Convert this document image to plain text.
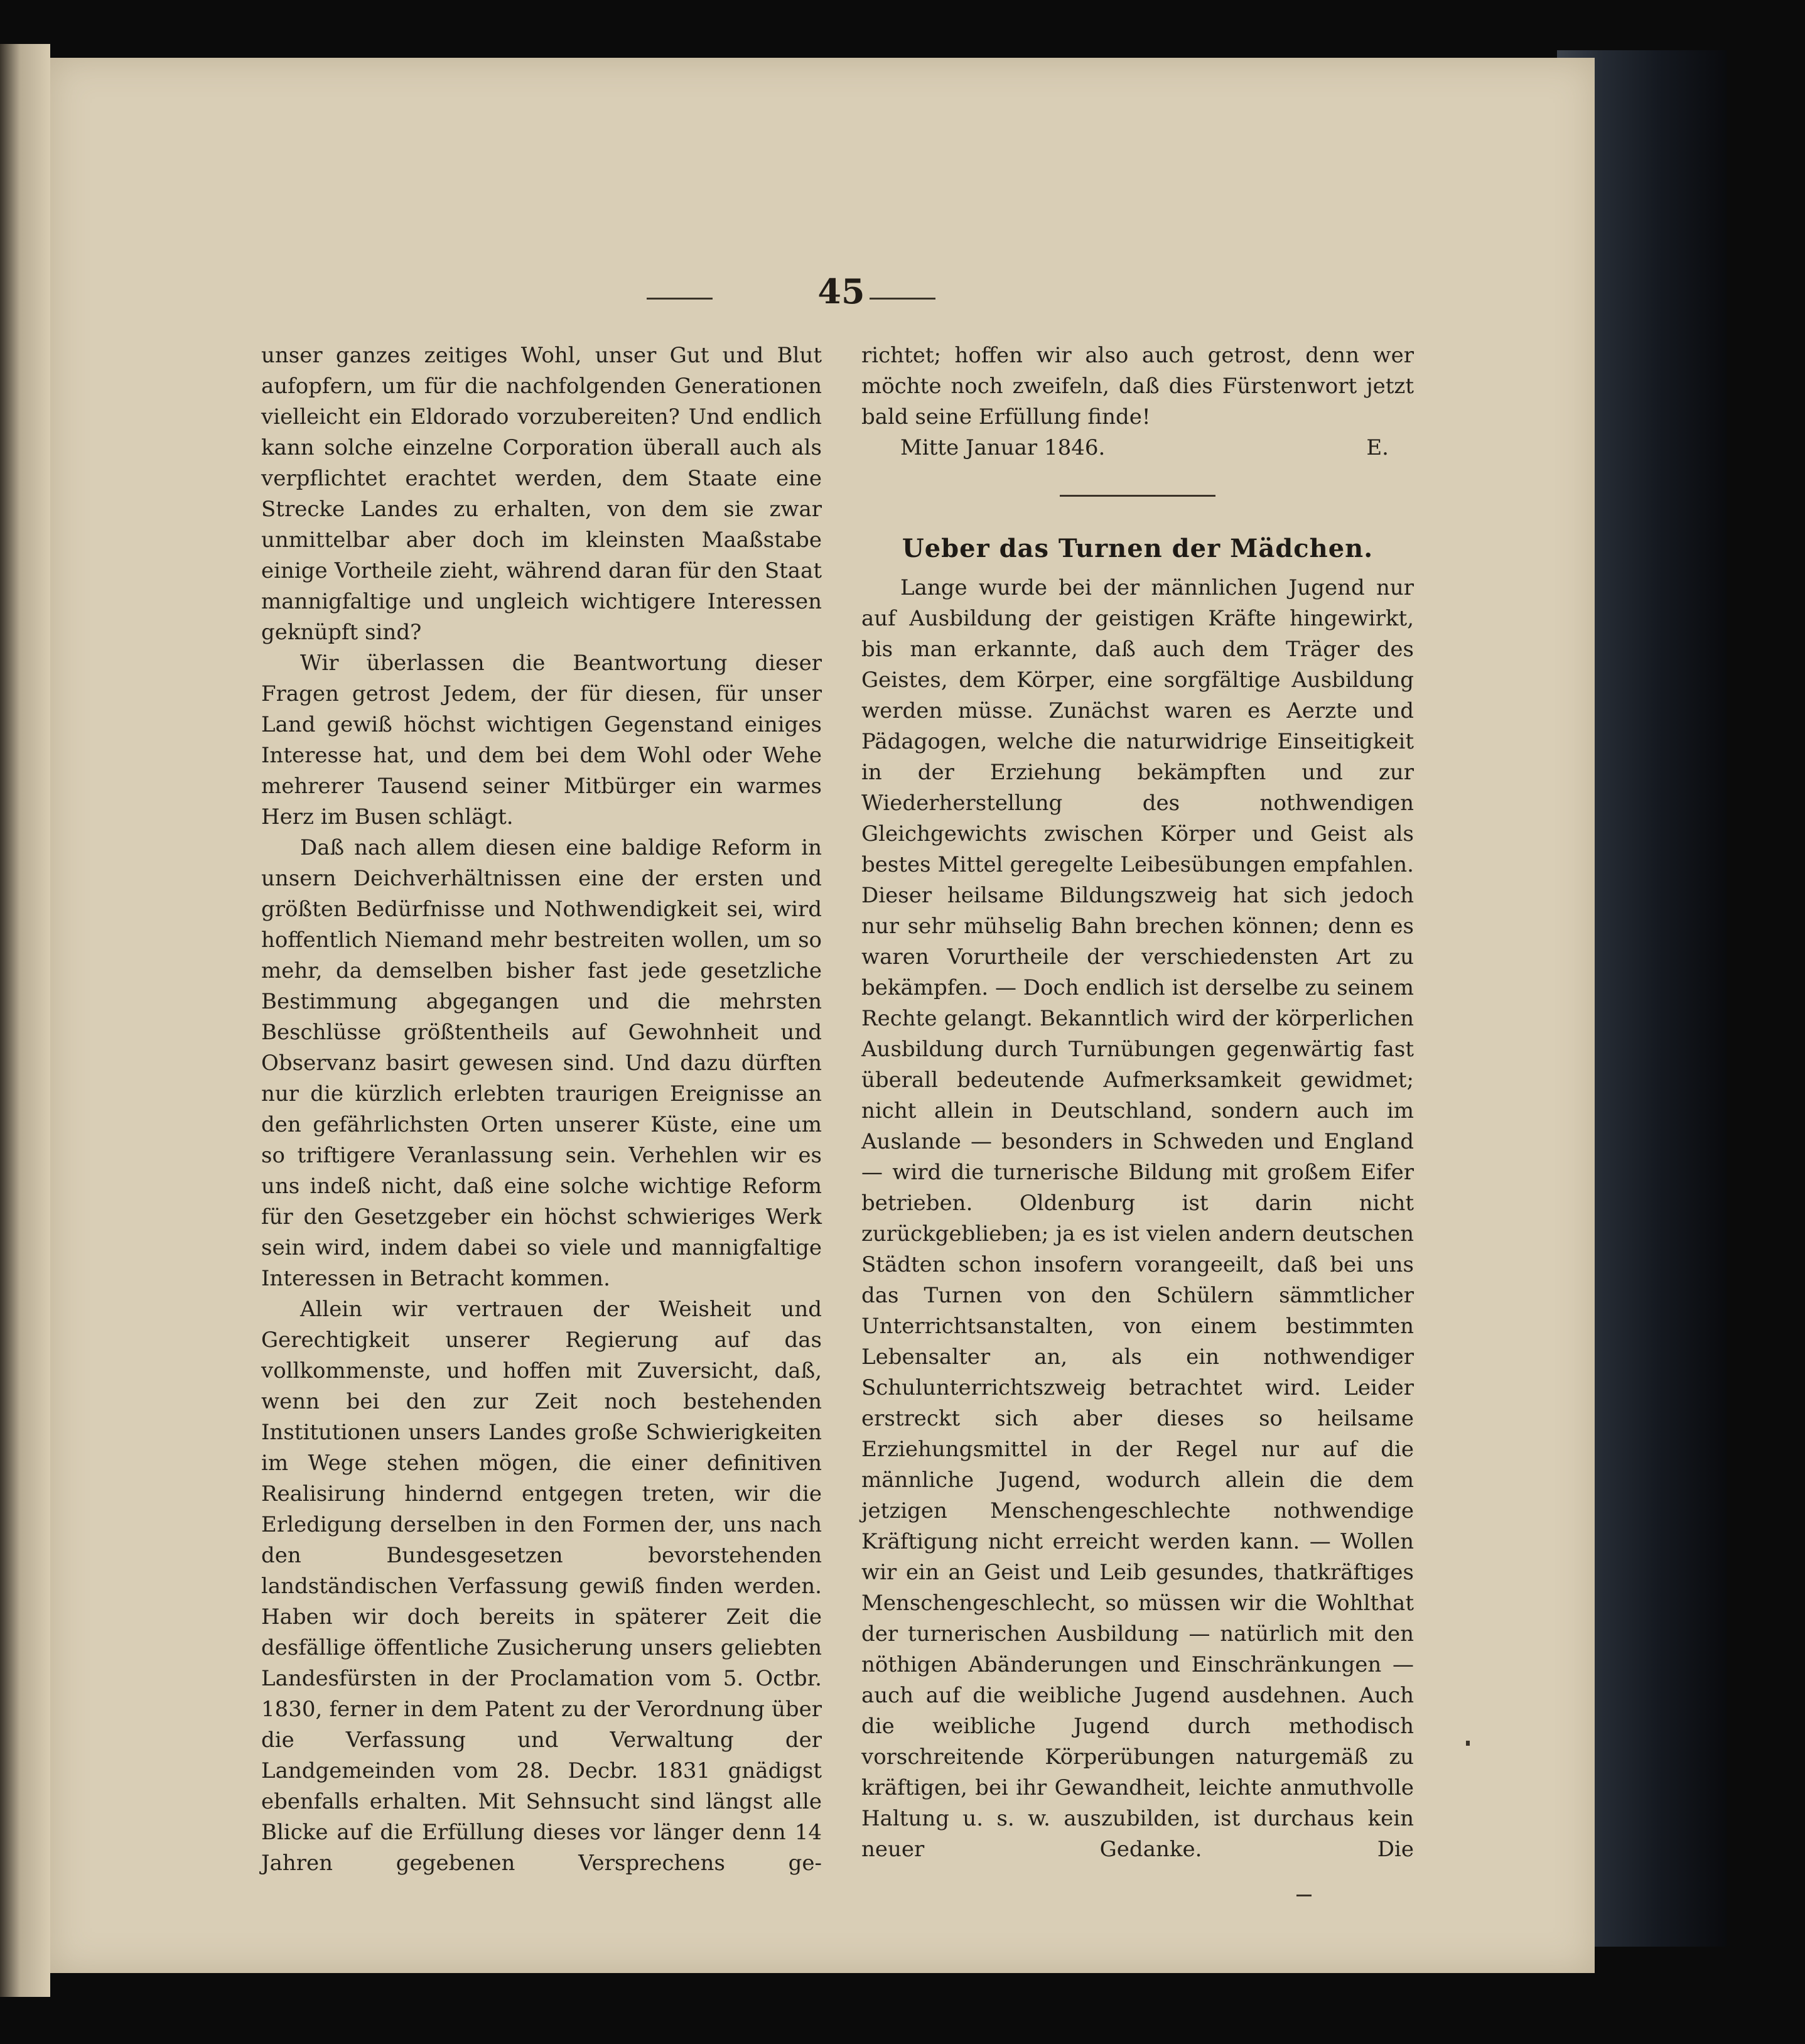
45

unser ganzes zeitiges Wohl, unser Gut und Blut aufopfern, um für die nachfolgenden Generationen vielleicht ein Eldorado vorzubereiten? Und endlich kann solche einzelne Corporation überall auch als verpflichtet erachtet werden, dem Staate eine Strecke Landes zu erhalten, von dem sie zwar unmittelbar aber doch im kleinsten Maaßstabe einige Vortheile zieht, während daran für den Staat mannigfaltige und ungleich wichtigere Interessen geknüpft sind?

Wir überlassen die Beantwortung dieser Fragen getrost Jedem, der für diesen, für unser Land gewiß höchst wichtigen Gegenstand einiges Interesse hat, und dem bei dem Wohl oder Wehe mehrerer Tausend seiner Mitbürger ein warmes Herz im Busen schlägt.

Daß nach allem diesen eine baldige Reform in unsern Deichverhältnissen eine der ersten und größten Bedürfnisse und Nothwendigkeit sei, wird hoffentlich Niemand mehr bestreiten wollen, um so mehr, da demselben bisher fast jede gesetzliche Bestimmung abgegangen und die mehrsten Beschlüsse größtentheils auf Gewohnheit und Observanz basirt gewesen sind. Und dazu dürften nur die kürzlich erlebten traurigen Ereignisse an den gefährlichsten Orten unserer Küste, eine um so triftigere Veranlassung sein. Verhehlen wir es uns indeß nicht, daß eine solche wichtige Reform für den Gesetzgeber ein höchst schwieriges Werk sein wird, indem dabei so viele und mannigfaltige Interessen in Betracht kommen.

Allein wir vertrauen der Weisheit und Gerechtigkeit unserer Regierung auf das vollkommenste, und hoffen mit Zuversicht, daß, wenn bei den zur Zeit noch bestehenden Institutionen unsers Landes große Schwierigkeiten im Wege stehen mögen, die einer definitiven Realisirung hindernd entgegen treten, wir die Erledigung derselben in den Formen der, uns nach den Bundesgesetzen bevorstehenden landständischen Verfassung gewiß finden werden. Haben wir doch bereits in späterer Zeit die desfällige öffentliche Zusicherung unsers geliebten Landesfürsten in der Proclamation vom 5. Octbr. 1830, ferner in dem Patent zu der Verordnung über die Verfassung und Verwaltung der Landgemeinden vom 28. Decbr. 1831 gnädigst ebenfalls erhalten. Mit Sehnsucht sind längst alle Blicke auf die Erfüllung dieses vor länger denn 14 Jahren gegebenen Versprechens ge-

richtet; hoffen wir also auch getrost, denn wer möchte noch zweifeln, daß dies Fürstenwort jetzt bald seine Erfüllung finde!

Mitte Januar 1846.	E.
Ueber das Turnen der Mädchen.

Lange wurde bei der männlichen Jugend nur auf Ausbildung der geistigen Kräfte hingewirkt, bis man erkannte, daß auch dem Träger des Geistes, dem Körper, eine sorgfältige Ausbildung werden müsse. Zunächst waren es Aerzte und Pädagogen, welche die naturwidrige Einseitigkeit in der Erziehung bekämpften und zur Wiederherstellung des nothwendigen Gleichgewichts zwischen Körper und Geist als bestes Mittel geregelte Leibesübungen empfahlen. Dieser heilsame Bildungszweig hat sich jedoch nur sehr mühselig Bahn brechen können; denn es waren Vorurtheile der verschiedensten Art zu bekämpfen. — Doch endlich ist derselbe zu seinem Rechte gelangt. Bekanntlich wird der körperlichen Ausbildung durch Turnübungen gegenwärtig fast überall bedeutende Aufmerksamkeit gewidmet; nicht allein in Deutschland, sondern auch im Auslande — besonders in Schweden und England — wird die turnerische Bildung mit großem Eifer betrieben. Oldenburg ist darin nicht zurückgeblieben; ja es ist vielen andern deutschen Städten schon insofern vorangeeilt, daß bei uns das Turnen von den Schülern sämmtlicher Unterrichtsanstalten, von einem bestimmten Lebensalter an, als ein nothwendiger Schulunterrichtszweig betrachtet wird. Leider erstreckt sich aber dieses so heilsame Erziehungsmittel in der Regel nur auf die männliche Jugend, wodurch allein die dem jetzigen Menschengeschlechte nothwendige Kräftigung nicht erreicht werden kann. — Wollen wir ein an Geist und Leib gesundes, thatkräftiges Menschengeschlecht, so müssen wir die Wohlthat der turnerischen Ausbildung — natürlich mit den nöthigen Abänderungen und Einschränkungen — auch auf die weibliche Jugend ausdehnen. Auch die weibliche Jugend durch methodisch vorschreitende Körperübungen naturgemäß zu kräftigen, bei ihr Gewandheit, leichte anmuthvolle Haltung u. s. w. auszubilden, ist durchaus kein neuer Gedanke. Die
